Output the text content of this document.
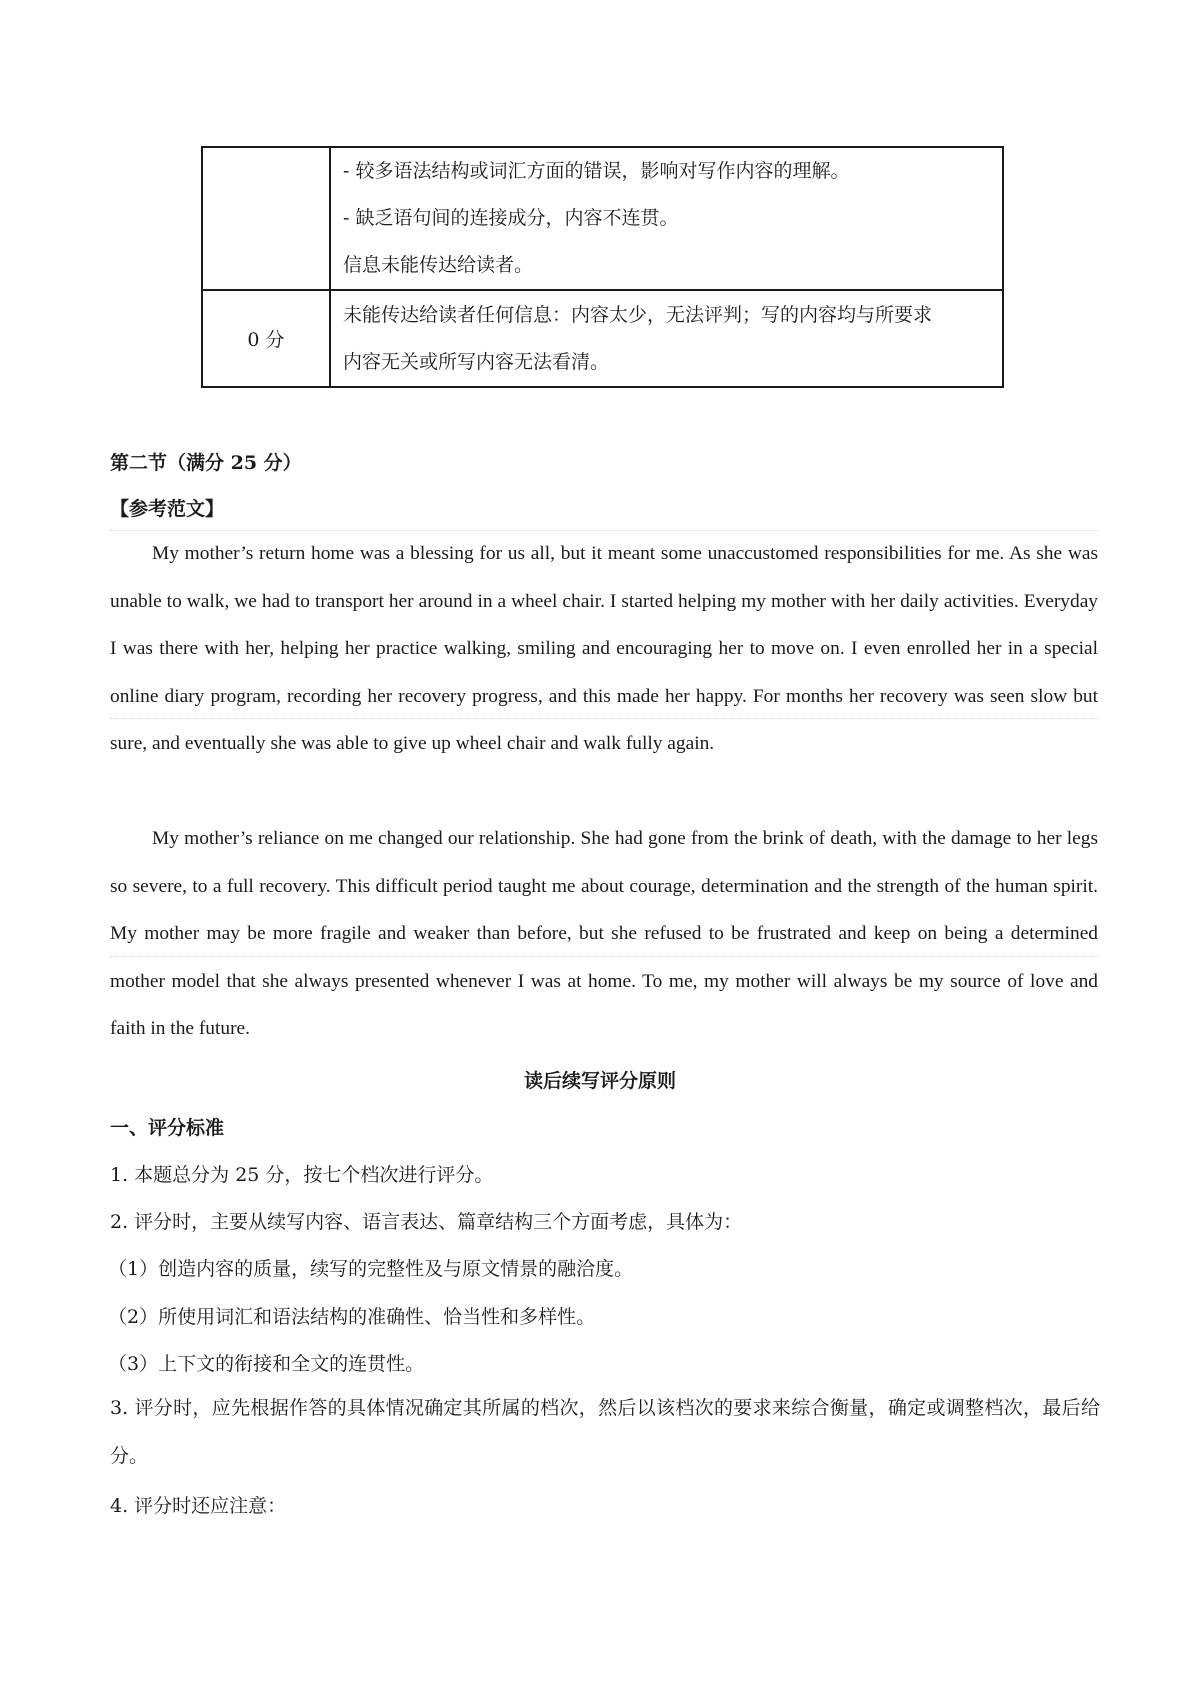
	- 较多语法结构或词汇方面的错误，影响对写作内容的理解。
- 缺乏语句间的连接成分，内容不连贯。
信息未能传达给读者。

0 分	未能传达给读者任何信息：内容太少，无法评判；写的内容均与所要求
内容无关或所写内容无法看清。
第二节（满分 25 分）
【参考范文】

My mother’s return home was a blessing for us all, but it meant some unaccustomed responsibilities for me. As she was unable to walk, we had to transport her around in a wheel chair. I started helping my mother with her daily activities. Everyday I was there with her, helping her practice walking, smiling and encouraging her to move on. I even enrolled her in a special online diary program, recording her recovery progress, and this made her happy. For months her recovery was seen slow but sure, and eventually she was able to give up wheel chair and walk fully again.

My mother’s reliance on me changed our relationship. She had gone from the brink of death, with the damage to her legs so severe, to a full recovery. This difficult period taught me about courage, determination and the strength of the human spirit. My mother may be more fragile and weaker than before, but she refused to be frustrated and keep on being a determined mother model that she always presented whenever I was at home. To me, my mother will always be my source of love and faith in the future.

读后续写评分原则
一、评分标准
1. 本题总分为 25 分，按七个档次进行评分。
2. 评分时，主要从续写内容、语言表达、篇章结构三个方面考虑，具体为：
（1）创造内容的质量，续写的完整性及与原文情景的融洽度。
（2）所使用词汇和语法结构的准确性、恰当性和多样性。
（3）上下文的衔接和全文的连贯性。

3. 评分时，应先根据作答的具体情况确定其所属的档次，然后以该档次的要求来综合衡量，确定或调整档次，最后给分。

4. 评分时还应注意：
